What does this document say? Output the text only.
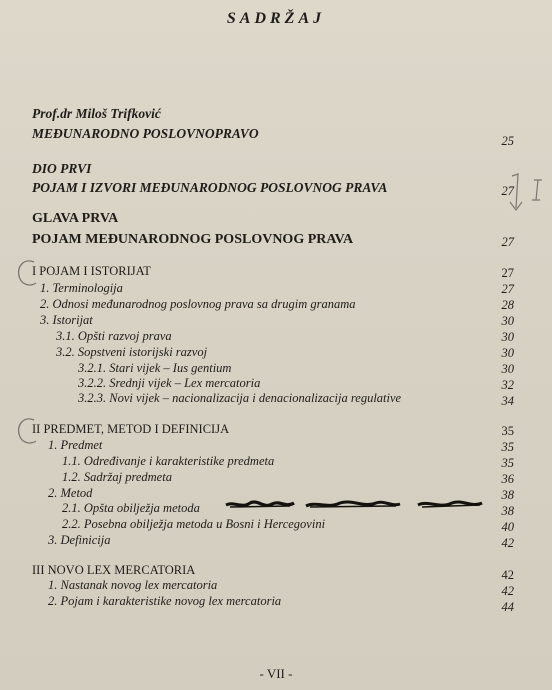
SADRŽAJ
Prof.dr Miloš Trifković
MEĐUNARODNO POSLOVNOPRAVO	25
DIO PRVI
POJAM I IZVORI MEĐUNARODNOG POSLOVNOG PRAVA	27
GLAVA PRVA
POJAM MEĐUNARODNOG POSLOVNOG PRAVA	27
I POJAM I ISTORIJAT	27
1. Terminologija	27
2. Odnosi međunarodnog poslovnog prava sa drugim granama	28
3. Istorijat	30
3.1. Opšti razvoj prava	30
3.2. Sopstveni istorijski razvoj	30
3.2.1. Stari vijek – Ius gentium	30
3.2.2. Srednji vijek – Lex mercatoria	32
3.2.3. Novi vijek – nacionalizacija i denacionalizacija regulative	34
II PREDMET, METOD I DEFINICIJA	35
1. Predmet	35
1.1. Određivanje i karakteristike predmeta	35
1.2. Sadržaj predmeta	36
2. Metod	38
2.1. Opšta obilježja metoda	38
2.2. Posebna obilježja metoda u Bosni i Hercegovini	40
3. Definicija	42
III NOVO LEX MERCATORIA	42
1. Nastanak novog lex mercatoria	42
2. Pojam i karakteristike novog lex mercatoria	44
- VII -
